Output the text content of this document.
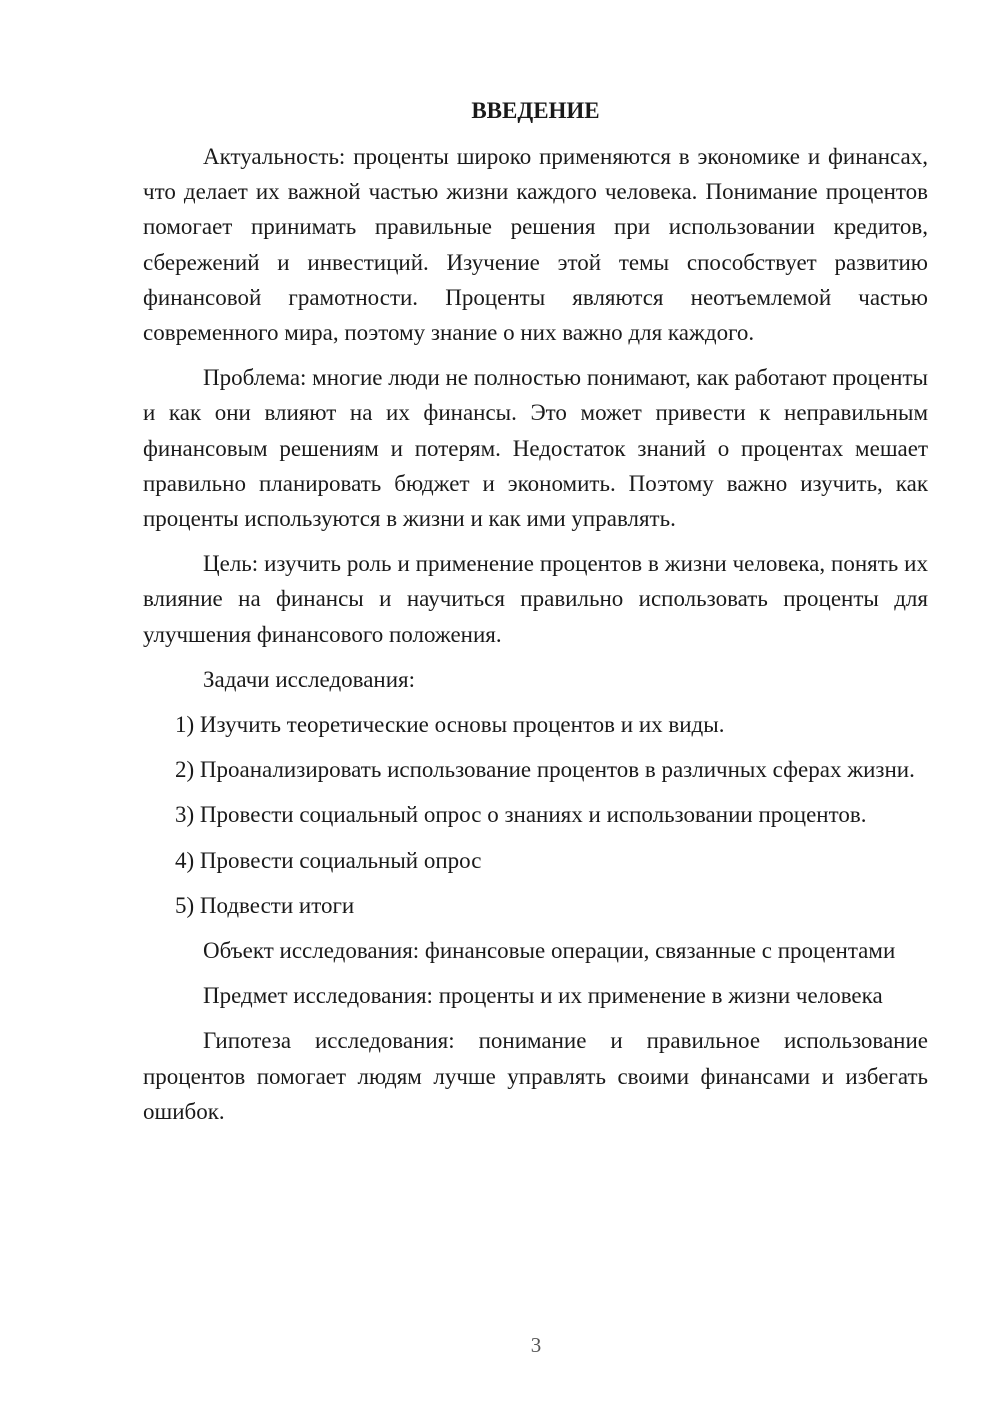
ВВЕДЕНИЕ

Актуальность: проценты широко применяются в экономике и финансах, что делает их важной частью жизни каждого человека. Понимание процентов помогает принимать правильные решения при использовании кредитов, сбережений и инвестиций. Изучение этой темы способствует развитию финансовой грамотности. Проценты являются неотъемлемой частью современного мира, поэтому знание о них важно для каждого.

Проблема: многие люди не полностью понимают, как работают проценты и как они влияют на их финансы. Это может привести к неправильным финансовым решениям и потерям. Недостаток знаний о процентах мешает правильно планировать бюджет и экономить. Поэтому важно изучить, как проценты используются в жизни и как ими управлять.

Цель: изучить роль и применение процентов в жизни человека, понять их влияние на финансы и научиться правильно использовать проценты для улучшения финансового положения.

Задачи исследования:

1) Изучить теоретические основы процентов и их виды.

2) Проанализировать использование процентов в различных сферах жизни.

3) Провести социальный опрос о знаниях и использовании процентов.

4) Провести социальный опрос

5) Подвести итоги

Объект исследования: финансовые операции, связанные с процентами

Предмет исследования: проценты и их применение в жизни человека

Гипотеза исследования: понимание и правильное использование процентов помогает людям лучше управлять своими финансами и избегать ошибок.

3
